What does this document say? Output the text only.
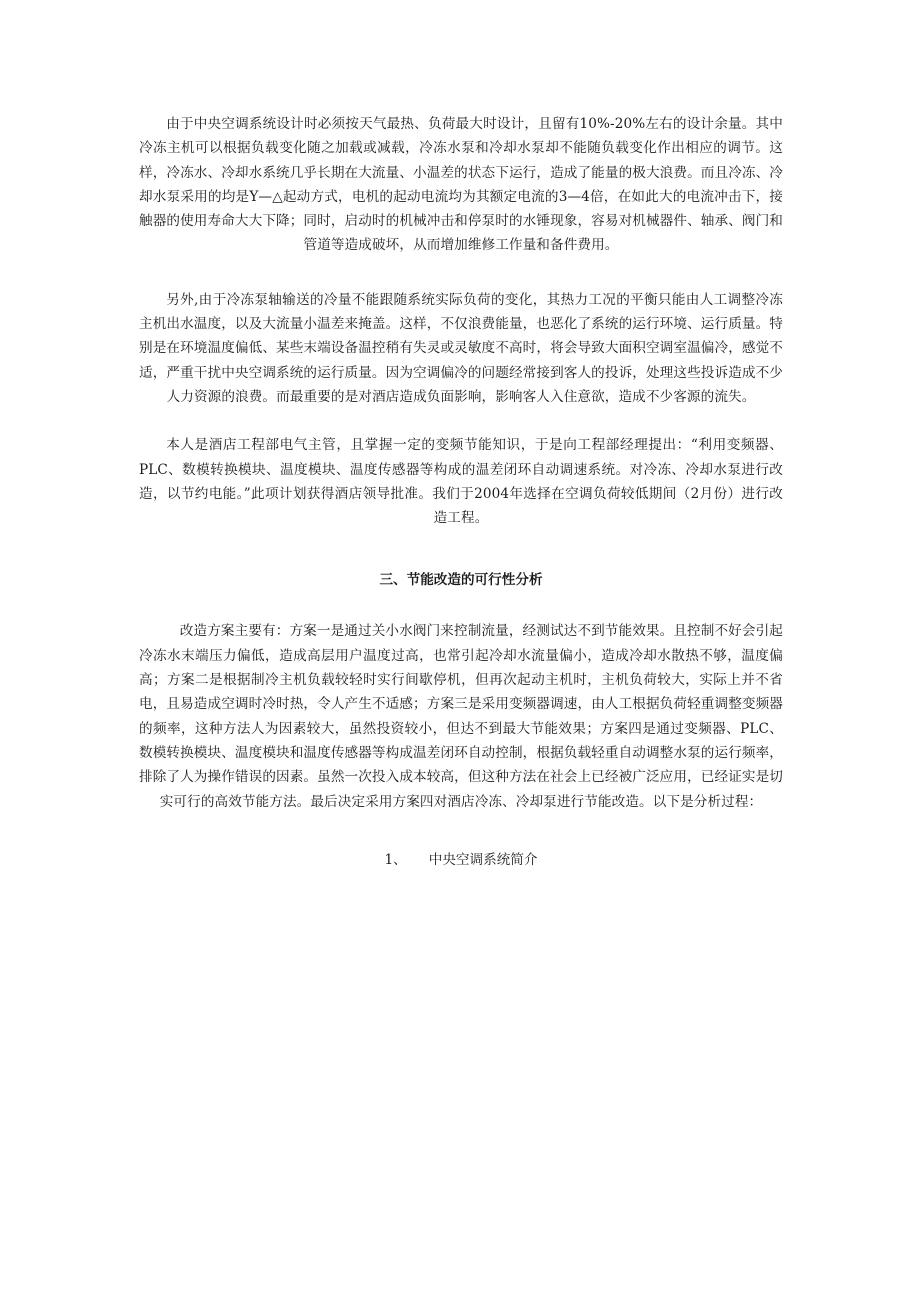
由于中央空调系统设计时必须按天气最热、负荷最大时设计，且留有10%-20%左右的设计余量。其中冷冻主机可以根据负载变化随之加载或减载，冷冻水泵和冷却水泵却不能随负载变化作出相应的调节。这样，冷冻水、冷却水系统几乎长期在大流量、小温差的状态下运行，造成了能量的极大浪费。而且冷冻、冷却水泵采用的均是Y—△起动方式，电机的起动电流均为其额定电流的3—4倍，在如此大的电流冲击下，接触器的使用寿命大大下降；同时，启动时的机械冲击和停泵时的水锤现象，容易对机械器件、轴承、阀门和管道等造成破坏，从而增加维修工作量和备件费用。

另外,由于冷冻泵轴输送的冷量不能跟随系统实际负荷的变化，其热力工况的平衡只能由人工调整冷冻主机出水温度，以及大流量小温差来掩盖。这样，不仅浪费能量，也恶化了系统的运行环境、运行质量。特别是在环境温度偏低、某些末端设备温控稍有失灵或灵敏度不高时，将会导致大面积空调室温偏冷，感觉不适，严重干扰中央空调系统的运行质量。因为空调偏冷的问题经常接到客人的投诉，处理这些投诉造成不少人力资源的浪费。而最重要的是对酒店造成负面影响，影响客人入住意欲，造成不少客源的流失。

本人是酒店工程部电气主管，且掌握一定的变频节能知识，于是向工程部经理提出：“利用变频器、PLC、数模转换模块、温度模块、温度传感器等构成的温差闭环自动调速系统。对冷冻、冷却水泵进行改造，以节约电能。”此项计划获得酒店领导批准。我们于2004年选择在空调负荷较低期间（2月份）进行改造工程。

三、节能改造的可行性分析

改造方案主要有：方案一是通过关小水阀门来控制流量，经测试达不到节能效果。且控制不好会引起冷冻水末端压力偏低，造成高层用户温度过高，也常引起冷却水流量偏小，造成冷却水散热不够，温度偏高；方案二是根据制冷主机负载较轻时实行间歇停机，但再次起动主机时，主机负荷较大，实际上并不省电，且易造成空调时冷时热，令人产生不适感；方案三是采用变频器调速，由人工根据负荷轻重调整变频器的频率，这种方法人为因素较大，虽然投资较小，但达不到最大节能效果；方案四是通过变频器、PLC、数模转换模块、温度模块和温度传感器等构成温差闭环自动控制，根据负载轻重自动调整水泵的运行频率，排除了人为操作错误的因素。虽然一次投入成本较高，但这种方法在社会上已经被广泛应用，已经证实是切实可行的高效节能方法。最后决定采用方案四对酒店冷冻、冷却泵进行节能改造。以下是分析过程：

1、 中央空调系统简介
